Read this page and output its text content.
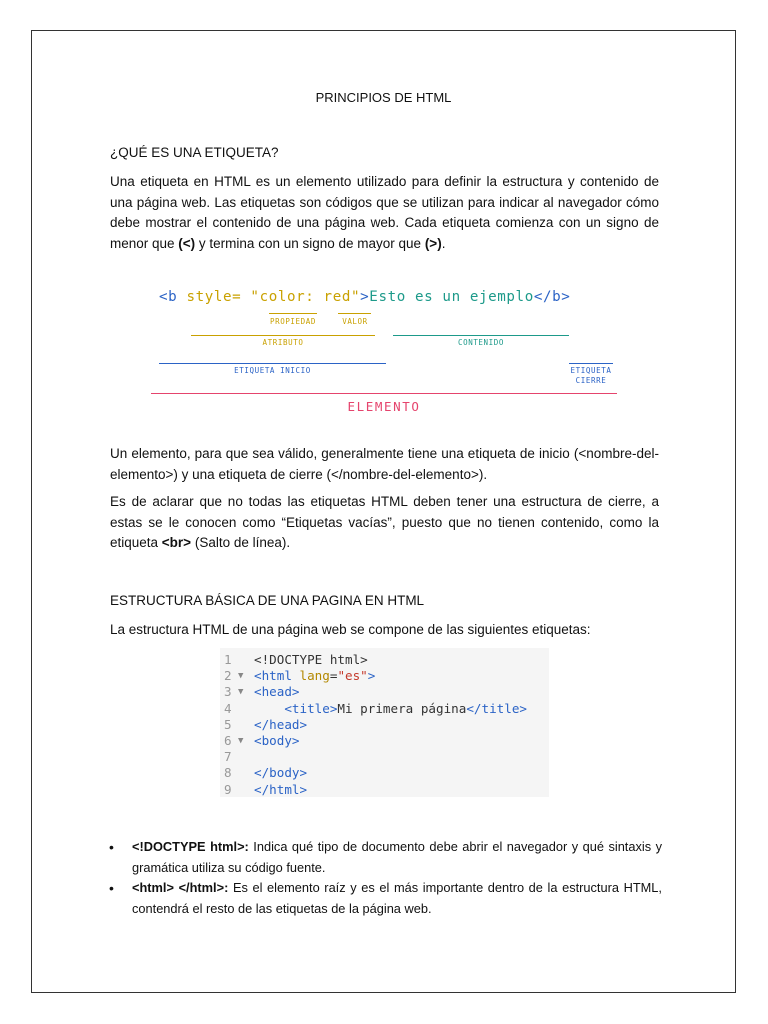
PRINCIPIOS DE HTML
¿QUÉ ES UNA ETIQUETA?
Una etiqueta en HTML es un elemento utilizado para definir la estructura y contenido de una página web. Las etiquetas son códigos que se utilizan para indicar al navegador cómo debe mostrar el contenido de una página web. Cada etiqueta comienza con un signo de menor que (<) y termina con un signo de mayor que (>).
<b style= "color: red">Esto es un ejemplo</b>
PROPIEDAD	VALOR
ATRIBUTO	CONTENIDO
ETIQUETA INICIO	ETIQUETA
CIERRE
ELEMENTO
Un elemento, para que sea válido, generalmente tiene una etiqueta de inicio (<nombre-del-elemento>) y una etiqueta de cierre (</nombre-del-elemento>).
Es de aclarar que no todas las etiquetas HTML deben tener una estructura de cierre, a estas se le conocen como “Etiquetas vacías”, puesto que no tienen contenido, como la etiqueta <br> (Salto de línea).
ESTRUCTURA BÁSICA DE UNA PAGINA EN HTML
La estructura HTML de una página web se compone de las siguientes etiquetas:
1	<!DOCTYPE html>
2 ▼ <html lang="es">
3 ▼ <head>
4	<title>Mi primera página</title>
5	</head>
6 ▼ <body>
7
8	</body>
9	</html>
• <!DOCTYPE html>: Indica qué tipo de documento debe abrir el navegador y qué sintaxis y gramática utiliza su código fuente.
• <html> </html>: Es el elemento raíz y es el más importante dentro de la estructura HTML, contendrá el resto de las etiquetas de la página web.
